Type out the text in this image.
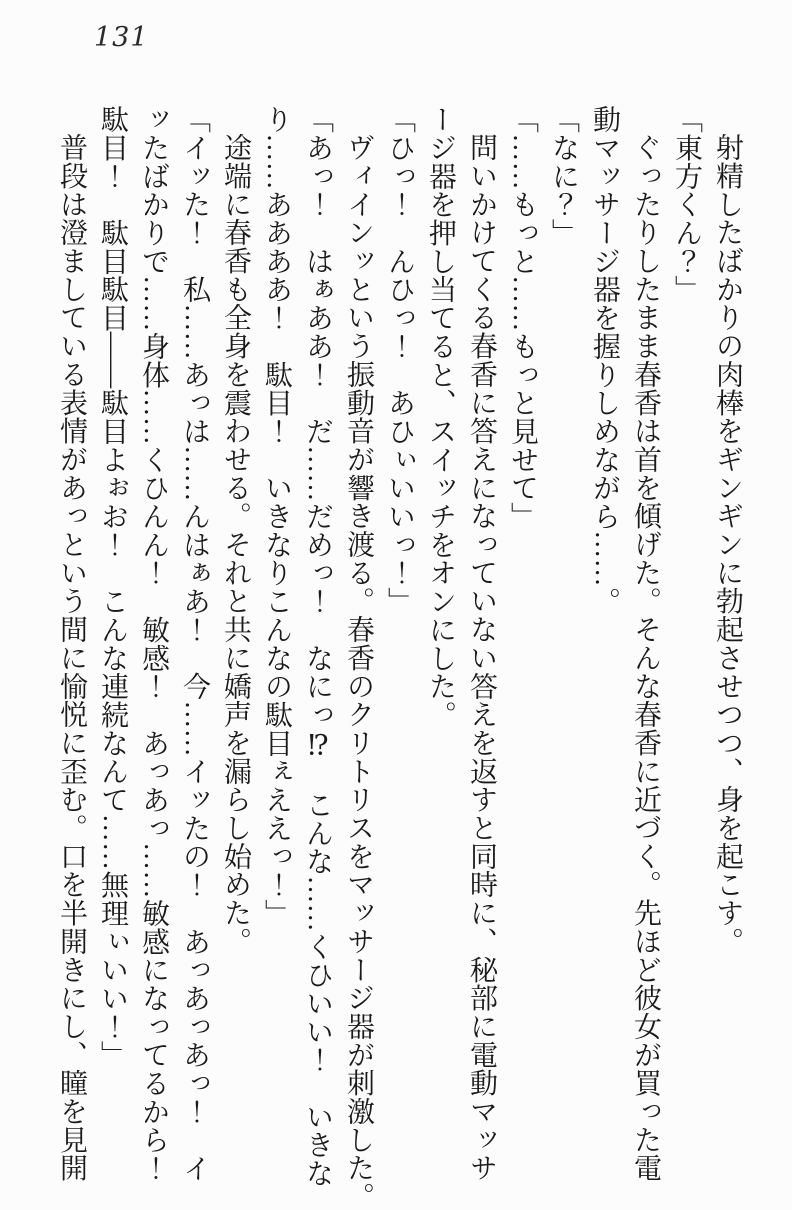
131

射精したばかりの肉棒をギンギンに勃起させつつ、身を起こす。

「東方くん？」

ぐったりしたまま春香は首を傾げた。そんな春香に近づく。先ほど彼女が買った電

動マッサージ器を握りしめながら……。

「なに？」

「……もっと……もっと見せて」

問いかけてくる春香に答えになっていない答えを返すと同時に、秘部に電動マッサ

ージ器を押し当てると、スイッチをオンにした。

「ひっ！　んひっ！　あひぃいいっ！」

ヴィインッという振動音が響き渡る。春香のクリトリスをマッサージ器が刺激した。

「あっ！　はぁああ！　だ……だめっ！　なにっ⁉　こんな……くひいい！　いきな

り……ああああ！　駄目！　いきなりこんなの駄目ぇええっ！」

途端に春香も全身を震わせる。それと共に嬌声を漏らし始めた。

「イッた！　私……あっは……んはぁあ！　今……イッたの！　あっあっあっ！　イ

ッたばかりで……身体……くひんん！　敏感！　あっあっ……敏感になってるから！

駄目！　駄目駄目――駄目よぉお！　こんな連続なんて……無理ぃいい！」

普段は澄ましている表情があっという間に愉悦に歪む。口を半開きにし、瞳を見開
